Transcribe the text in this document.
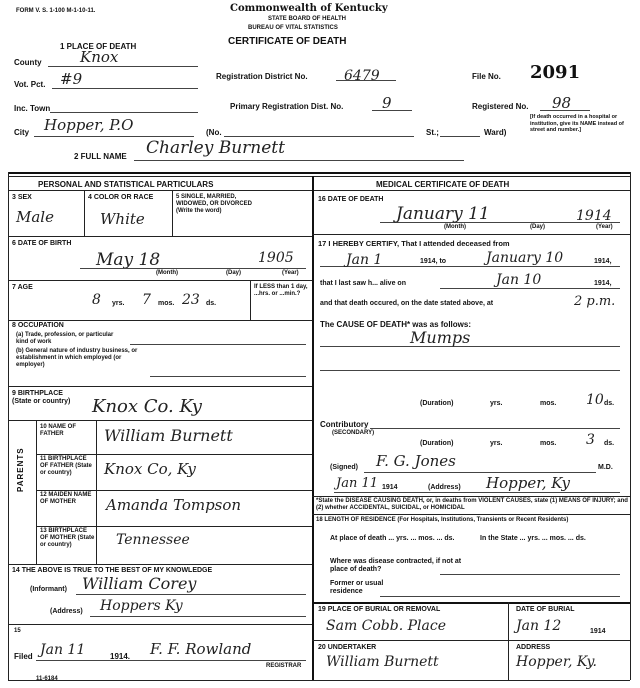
FORM V. S. 1-100 M-1-10-11.	Commonwealth of Kentucky
STATE BOARD OF HEALTH
BUREAU OF VITAL STATISTICS
CERTIFICATE OF DEATH
1 PLACE OF DEATH
County	Knox
Registration District No.	6479	File No. 2091
Vot. Pct. #9
Inc. Town	Primary Registration Dist. No.	9	Registered No. 98
City Hopper, P.O	(No.	St.;	Ward)
[If death occurred in a hospital or institution, give its NAME instead of street and number.]
2 FULL NAME Charley Burnett
PERSONAL AND STATISTICAL PARTICULARS	MEDICAL CERTIFICATE OF DEATH
3 SEX
Male
4 COLOR OR RACE
White
5 SINGLE, MARRIED, WIDOWED, OR DIVORCED (Write the word)
6 DATE OF BIRTH
May 18	1905
(Month)	(Day)	(Year)
7 AGE
8 yrs. 7 mos. 23 ds.
If LESS than 1 day, ...hrs. or ...min.?
8 OCCUPATION
(a) Trade, profession, or particular kind of work
(b) General nature of industry business, or establishment in which employed (or employer)
9 BIRTHPLACE (State or country)	Knox Co. Ky
PARENTS
10 NAME OF FATHER	William Burnett
11 BIRTHPLACE OF FATHER (State or country)	Knox Co, Ky
12 MAIDEN NAME OF MOTHER	Amanda Tompson
13 BIRTHPLACE OF MOTHER (State or country)	Tennessee
14 THE ABOVE IS TRUE TO THE BEST OF MY KNOWLEDGE
(Informant) William Corey
(Address) Hoppers Ky
15
Filed Jan 11	1914. F. F. Rowland
REGISTRAR
11-6184
16 DATE OF DEATH
January 11	1914
(Month)	(Day)	(Year)
17 I HEREBY CERTIFY, That I attended deceased from
Jan 1	1914, to	January 10	1914,
that I last saw h... alive on	Jan 10	1914,
and that death occured, on the date stated above, at	2 p.m.
The CAUSE OF DEATH* was as follows:
Mumps
(Duration)	yrs.	mos. 10 ds.
Contributory
(SECONDARY)
(Duration)	yrs.	mos. 3 ds.
(Signed) F. G. Jones	M.D.
Jan 11 1914	(Address) Hopper, Ky
*State the DISEASE CAUSING DEATH, or, in deaths from VIOLENT CAUSES, state (1) MEANS OF INJURY; and (2) whether ACCIDENTAL, SUICIDAL, or HOMICIDAL
18 LENGTH OF RESIDENCE (For Hospitals, Institutions, Transients or Recent Residents)
At place of death ... yrs. ... mos. ... ds.	In the State ... yrs. ... mos. ... ds.
Where was disease contracted, if not at place of death?
Former or usual residence
19 PLACE OF BURIAL OR REMOVAL
Sam Cobb. Place
DATE OF BURIAL
Jan 12	1914
20 UNDERTAKER
William Burnett
ADDRESS
Hopper, Ky.
